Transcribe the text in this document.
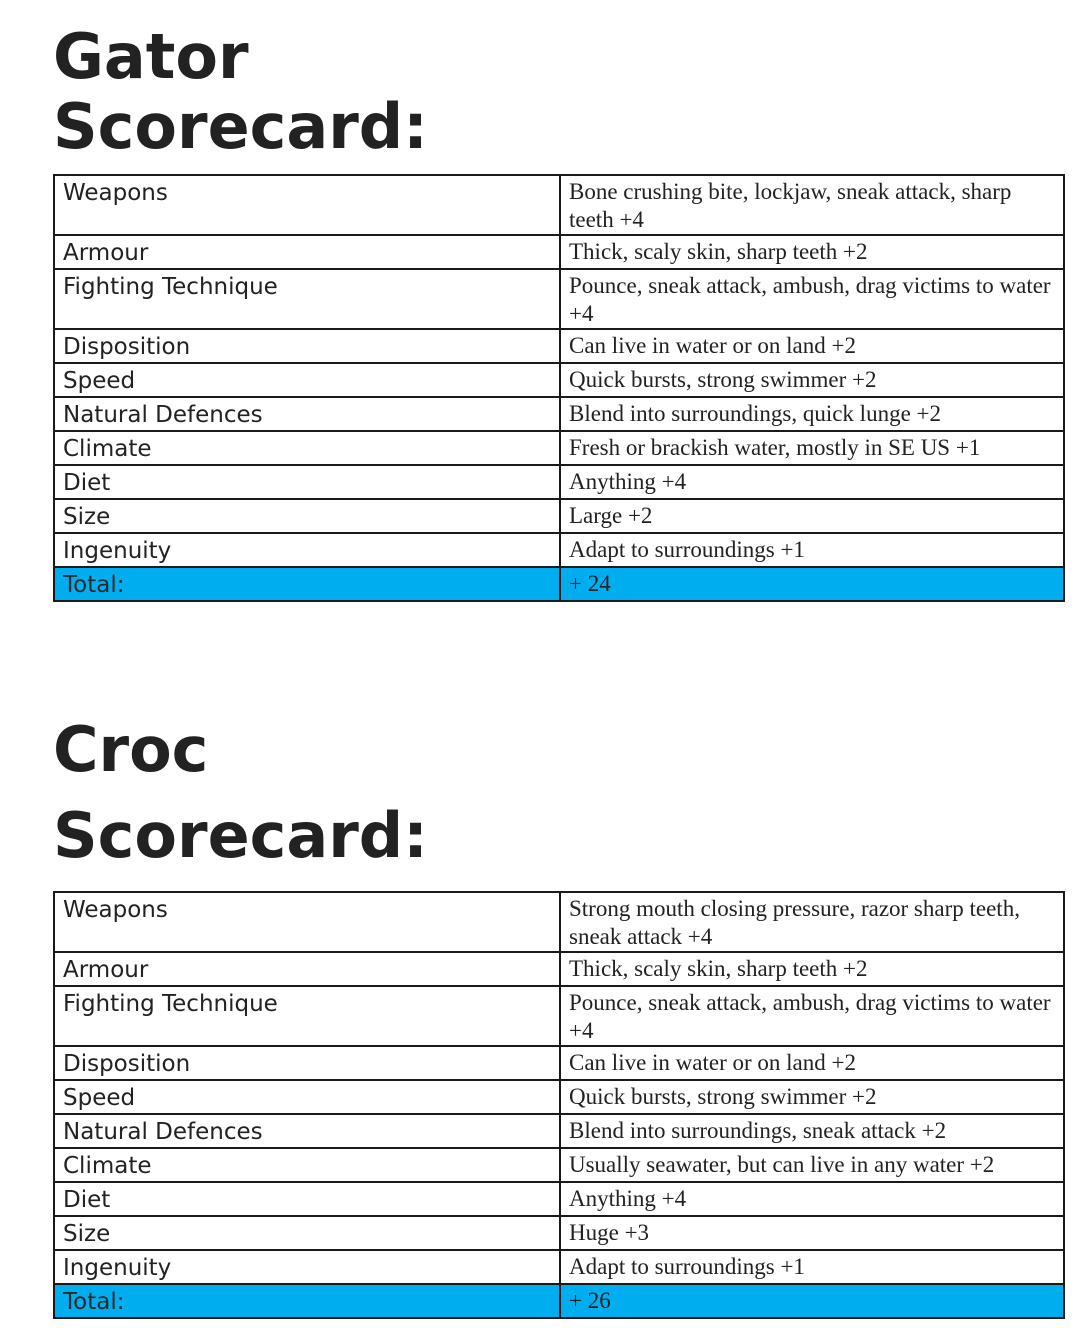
Gator
Scorecard:
Weapons	Bone crushing bite, lockjaw, sneak attack, sharp teeth +4
Armour	Thick, scaly skin, sharp teeth +2
Fighting Technique	Pounce, sneak attack, ambush, drag victims to water +4
Disposition	Can live in water or on land +2
Speed	Quick bursts, strong swimmer +2
Natural Defences	Blend into surroundings, quick lunge +2
Climate	Fresh or brackish water, mostly in SE US +1
Diet	Anything +4
Size	Large +2
Ingenuity	Adapt to surroundings +1
Total:	+ 24
Croc
Scorecard:
Weapons	Strong mouth closing pressure, razor sharp teeth, sneak attack +4
Armour	Thick, scaly skin, sharp teeth +2
Fighting Technique	Pounce, sneak attack, ambush, drag victims to water +4
Disposition	Can live in water or on land +2
Speed	Quick bursts, strong swimmer +2
Natural Defences	Blend into surroundings, sneak attack +2
Climate	Usually seawater, but can live in any water +2
Diet	Anything +4
Size	Huge +3
Ingenuity	Adapt to surroundings +1
Total:	+ 26
